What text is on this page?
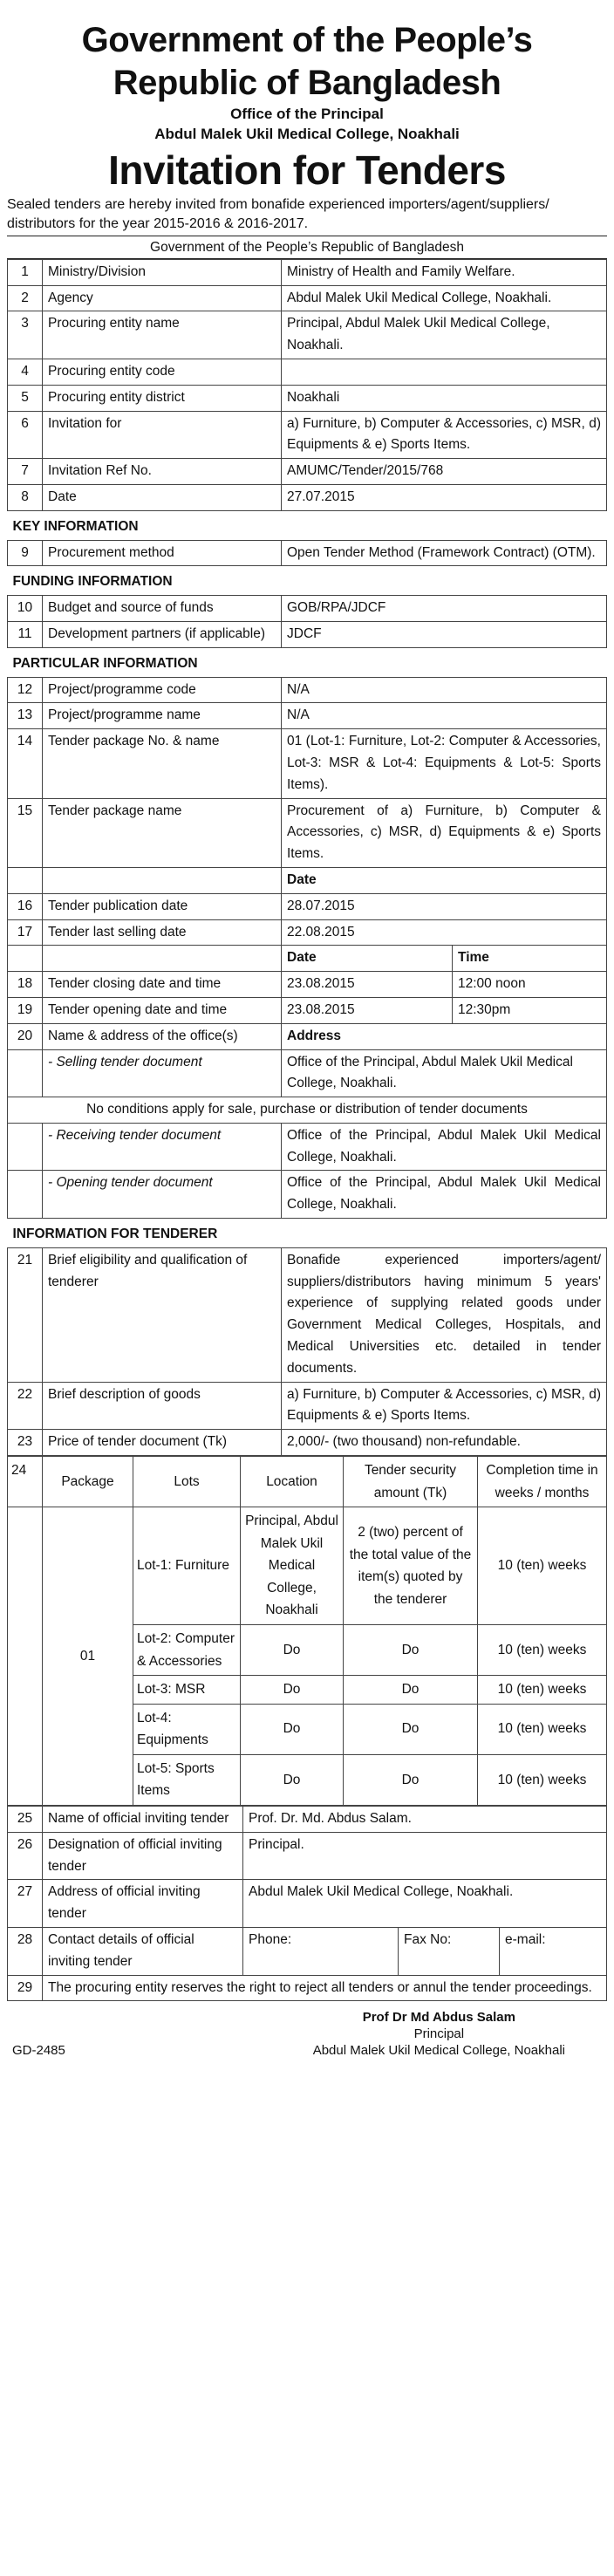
Government of the People’s
Republic of Bangladesh
Office of the Principal
Abdul Malek Ukil Medical College, Noakhali
Invitation for Tenders
Sealed tenders are hereby invited from bonafide experienced importers/agent/suppliers/ distributors for the year 2015-2016 & 2016-2017.
Government of the People’s Republic of Bangladesh
1	Ministry/Division	Ministry of Health and Family Welfare.	
2	Agency	Abdul Malek Ukil Medical College, Noakhali.	
3	Procuring entity name	Principal, Abdul Malek Ukil Medical College, Noakhali.	
4	Procuring entity code		
5	Procuring entity district	Noakhali	
6	Invitation for	a) Furniture, b) Computer & Accessories, c) MSR, d) Equipments & e) Sports Items.	
7	Invitation Ref No.	AMUMC/Tender/2015/768	
8	Date	27.07.2015	
KEY INFORMATION			
9	Procurement method	Open Tender Method (Framework Contract) (OTM).	
FUNDING INFORMATION			
10	Budget and source of funds	GOB/RPA/JDCF	
11	Development partners (if applicable)	JDCF	
PARTICULAR INFORMATION			
12	Project/programme code	N/A	
13	Project/programme name	N/A	
14	Tender package No. & name	01 (Lot-1: Furniture, Lot-2: Computer & Accessories, Lot-3: MSR & Lot-4: Equipments & Lot-5: Sports Items).	
15	Tender package name	Procurement of a) Furniture, b) Computer & Accessories, c) MSR, d) Equipments & e) Sports Items.	
		Date	
16	Tender publication date	28.07.2015	
17	Tender last selling date	22.08.2015	
		Date	Time
18	Tender closing date and time	23.08.2015	12:00 noon
19	Tender opening date and time	23.08.2015	12:30pm
20	Name & address of the office(s)	Address	
	- Selling tender document	Office of the Principal, Abdul Malek Ukil Medical College, Noakhali.	
No conditions apply for sale, purchase or distribution of tender documents			
	- Receiving tender document	Office of the Principal, Abdul Malek Ukil Medical College, Noakhali.	
	- Opening tender document	Office of the Principal, Abdul Malek Ukil Medical College, Noakhali.	
INFORMATION FOR TENDERER			
21	Brief eligibility and qualification of tenderer	Bonafide experienced importers/agent/ suppliers/distributors having minimum 5 years' experience of supplying related goods under Government Medical Colleges, Hospitals, and Medical Universities etc. detailed in tender documents.	
22	Brief description of goods	a) Furniture, b) Computer & Accessories, c) MSR, d) Equipments & e) Sports Items.	
23	Price of tender document (Tk)	2,000/- (two thousand) non-refundable.	
24	Package	Lots	Location	Tender security amount (Tk)	Completion time in weeks / months
	01	Lot-1: Furniture	Principal, Abdul Malek Ukil Medical College, Noakhali	2 (two) percent of the total value of the item(s) quoted by the tenderer	10 (ten) weeks
		Lot-2: Computer & Accessories	Do	Do	10 (ten) weeks
		Lot-3: MSR	Do	Do	10 (ten) weeks
		Lot-4: Equipments	Do	Do	10 (ten) weeks
		Lot-5: Sports Items	Do	Do	10 (ten) weeks
25	Name of official inviting tender	Prof. Dr. Md. Abdus Salam.		
26	Designation of official inviting tender	Principal.		
27	Address of official inviting tender	Abdul Malek Ukil Medical College, Noakhali.		
28	Contact details of official inviting tender	Phone:	Fax No:	e-mail:
29	The procuring entity reserves the right to reject all tenders or annul the tender proceedings.			
Prof Dr Md Abdus Salam
Principal
Abdul Malek Ukil Medical College, Noakhali
GD-2485
